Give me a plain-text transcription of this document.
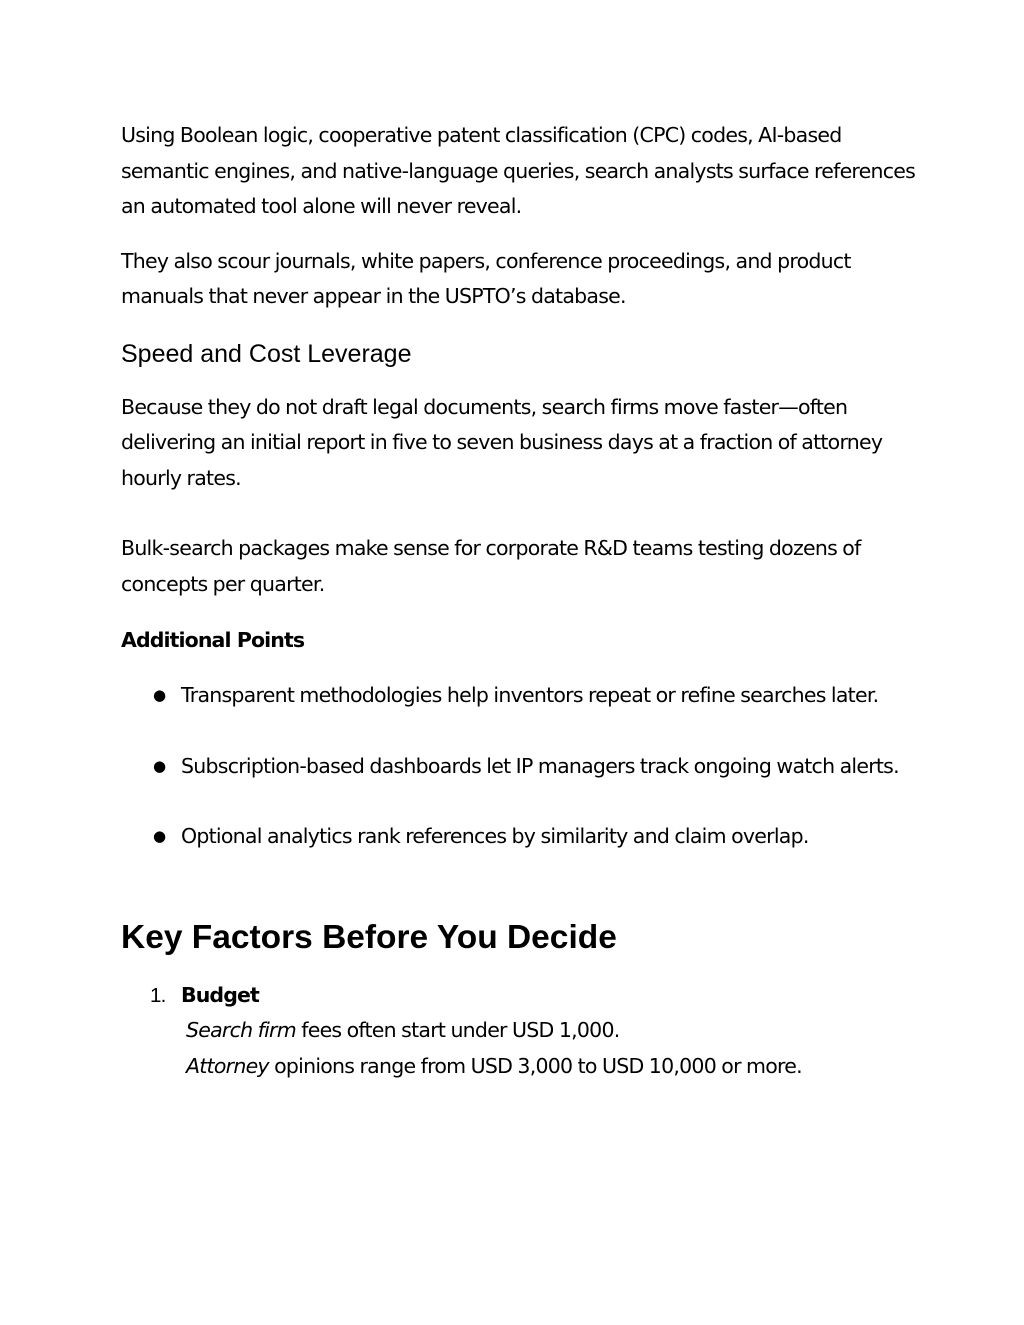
Using Boolean logic, cooperative patent classification (CPC) codes, AI‑based semantic engines, and native‑language queries, search analysts surface references an automated tool alone will never reveal.

They also scour journals, white papers, conference proceedings, and product manuals that never appear in the USPTO’s database.

Speed and Cost Leverage

Because they do not draft legal documents, search firms move faster—often delivering an initial report in five to seven business days at a fraction of attorney hourly rates.

Bulk‑search packages make sense for corporate R&D teams testing dozens of concepts per quarter.

Additional Points
● Transparent methodologies help inventors repeat or refine searches later.
● Subscription‑based dashboards let IP managers track ongoing watch alerts.
● Optional analytics rank references by similarity and claim overlap.
Key Factors Before You Decide
1. Budget
Search firm fees often start under USD 1,000.
Attorney opinions range from USD 3,000 to USD 10,000 or more.
